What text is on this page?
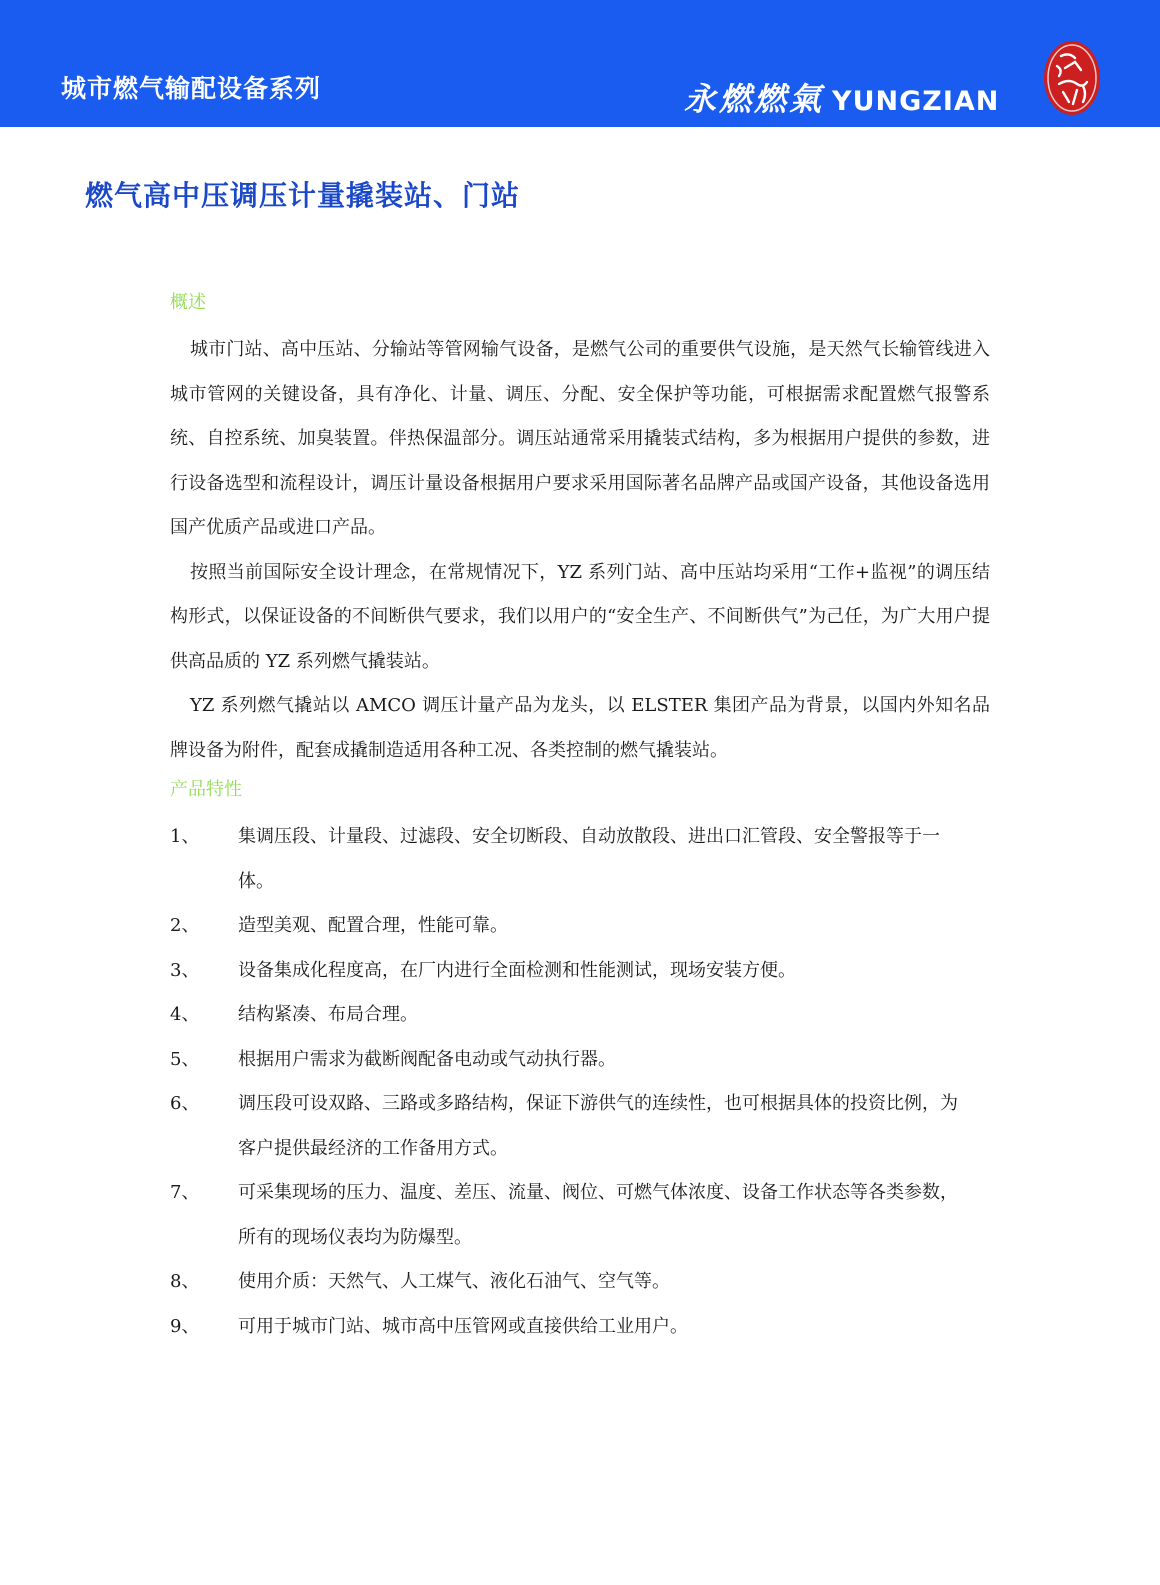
城市燃气输配设备系列	永燃燃氣 YUNGZIAN
燃气高中压调压计量撬装站、门站
概述

城市门站、高中压站、分输站等管网输气设备，是燃气公司的重要供气设施，是天然气长输管线进入城市管网的关键设备，具有净化、计量、调压、分配、安全保护等功能，可根据需求配置燃气报警系统、自控系统、加臭装置。伴热保温部分。调压站通常采用撬装式结构，多为根据用户提供的参数，进行设备选型和流程设计，调压计量设备根据用户要求采用国际著名品牌产品或国产设备，其他设备选用国产优质产品或进口产品。

按照当前国际安全设计理念，在常规情况下，YZ 系列门站、高中压站均采用“工作+监视”的调压结构形式，以保证设备的不间断供气要求，我们以用户的“安全生产、不间断供气”为己任，为广大用户提供高品质的 YZ 系列燃气撬装站。

YZ 系列燃气撬站以 AMCO 调压计量产品为龙头，以 ELSTER 集团产品为背景，以国内外知名品牌设备为附件，配套成撬制造适用各种工况、各类控制的燃气撬装站。

产品特性
1、	集调压段、计量段、过滤段、安全切断段、自动放散段、进出口汇管段、安全警报等于一体。
2、	造型美观、配置合理，性能可靠。
3、	设备集成化程度高，在厂内进行全面检测和性能测试，现场安装方便。
4、	结构紧凑、布局合理。
5、	根据用户需求为截断阀配备电动或气动执行器。
6、	调压段可设双路、三路或多路结构，保证下游供气的连续性，也可根据具体的投资比例，为客户提供最经济的工作备用方式。
7、	可采集现场的压力、温度、差压、流量、阀位、可燃气体浓度、设备工作状态等各类参数，所有的现场仪表均为防爆型。
8、	使用介质：天然气、人工煤气、液化石油气、空气等。
9、	可用于城市门站、城市高中压管网或直接供给工业用户。
